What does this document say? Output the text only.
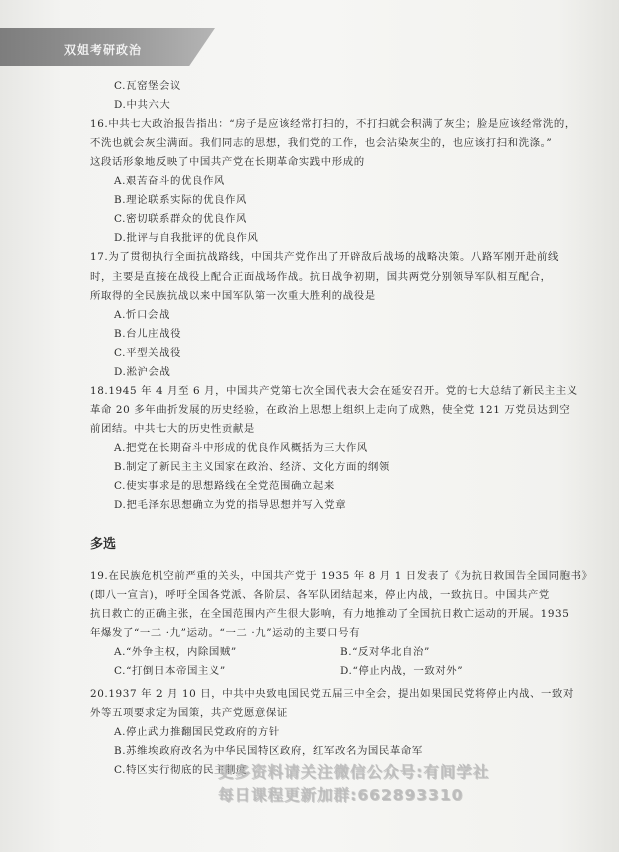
双姐考研政治
C.瓦窑堡会议
D.中共六大
16.中共七大政治报告指出：“房子是应该经常打扫的，不打扫就会积满了灰尘；脸是应该经常洗的，
不洗也就会灰尘满面。我们同志的思想，我们党的工作，也会沾染灰尘的，也应该打扫和洗涤。”
这段话形象地反映了中国共产党在长期革命实践中形成的
A.艰苦奋斗的优良作风
B.理论联系实际的优良作风
C.密切联系群众的优良作风
D.批评与自我批评的优良作风
17.为了贯彻执行全面抗战路线，中国共产党作出了开辟敌后战场的战略决策。八路军刚开赴前线
时，主要是直接在战役上配合正面战场作战。抗日战争初期，国共两党分别领导军队相互配合，
所取得的全民族抗战以来中国军队第一次重大胜利的战役是
A.忻口会战
B.台儿庄战役
C.平型关战役
D.淞沪会战
18.1945 年 4 月至 6 月，中国共产党第七次全国代表大会在延安召开。党的七大总结了新民主主义
革命 20 多年曲折发展的历史经验，在政治上思想上组织上走向了成熟，使全党 121 万党员达到空
前团结。中共七大的历史性贡献是
A.把党在长期奋斗中形成的优良作风概括为三大作风
B.制定了新民主主义国家在政治、经济、文化方面的纲领
C.使实事求是的思想路线在全党范围确立起来
D.把毛泽东思想确立为党的指导思想并写入党章
多选
19.在民族危机空前严重的关头，中国共产党于 1935 年 8 月 1 日发表了《为抗日救国告全国同胞书》
(即八一宣言)，呼吁全国各党派、各阶层、各军队团结起来，停止内战，一致抗日。中国共产党
抗日救亡的正确主张，在全国范围内产生很大影响，有力地推动了全国抗日救亡运动的开展。1935
年爆发了“一二 ·九”运动。“一二 ·九”运动的主要口号有
A.“外争主权，内除国贼”	B.“反对华北自治”
C.“打倒日本帝国主义”	D.“停止内战，一致对外”
20.1937 年 2 月 10 日，中共中央致电国民党五届三中全会，提出如果国民党将停止内战、一致对
外等五项要求定为国策，共产党愿意保证
A.停止武力推翻国民党政府的方针
B.苏维埃政府改名为中华民国特区政府，红军改名为国民革命军
C.特区实行彻底的民主制度
更多资料请关注微信公众号:有间学社
每日课程更新加群:662893310
